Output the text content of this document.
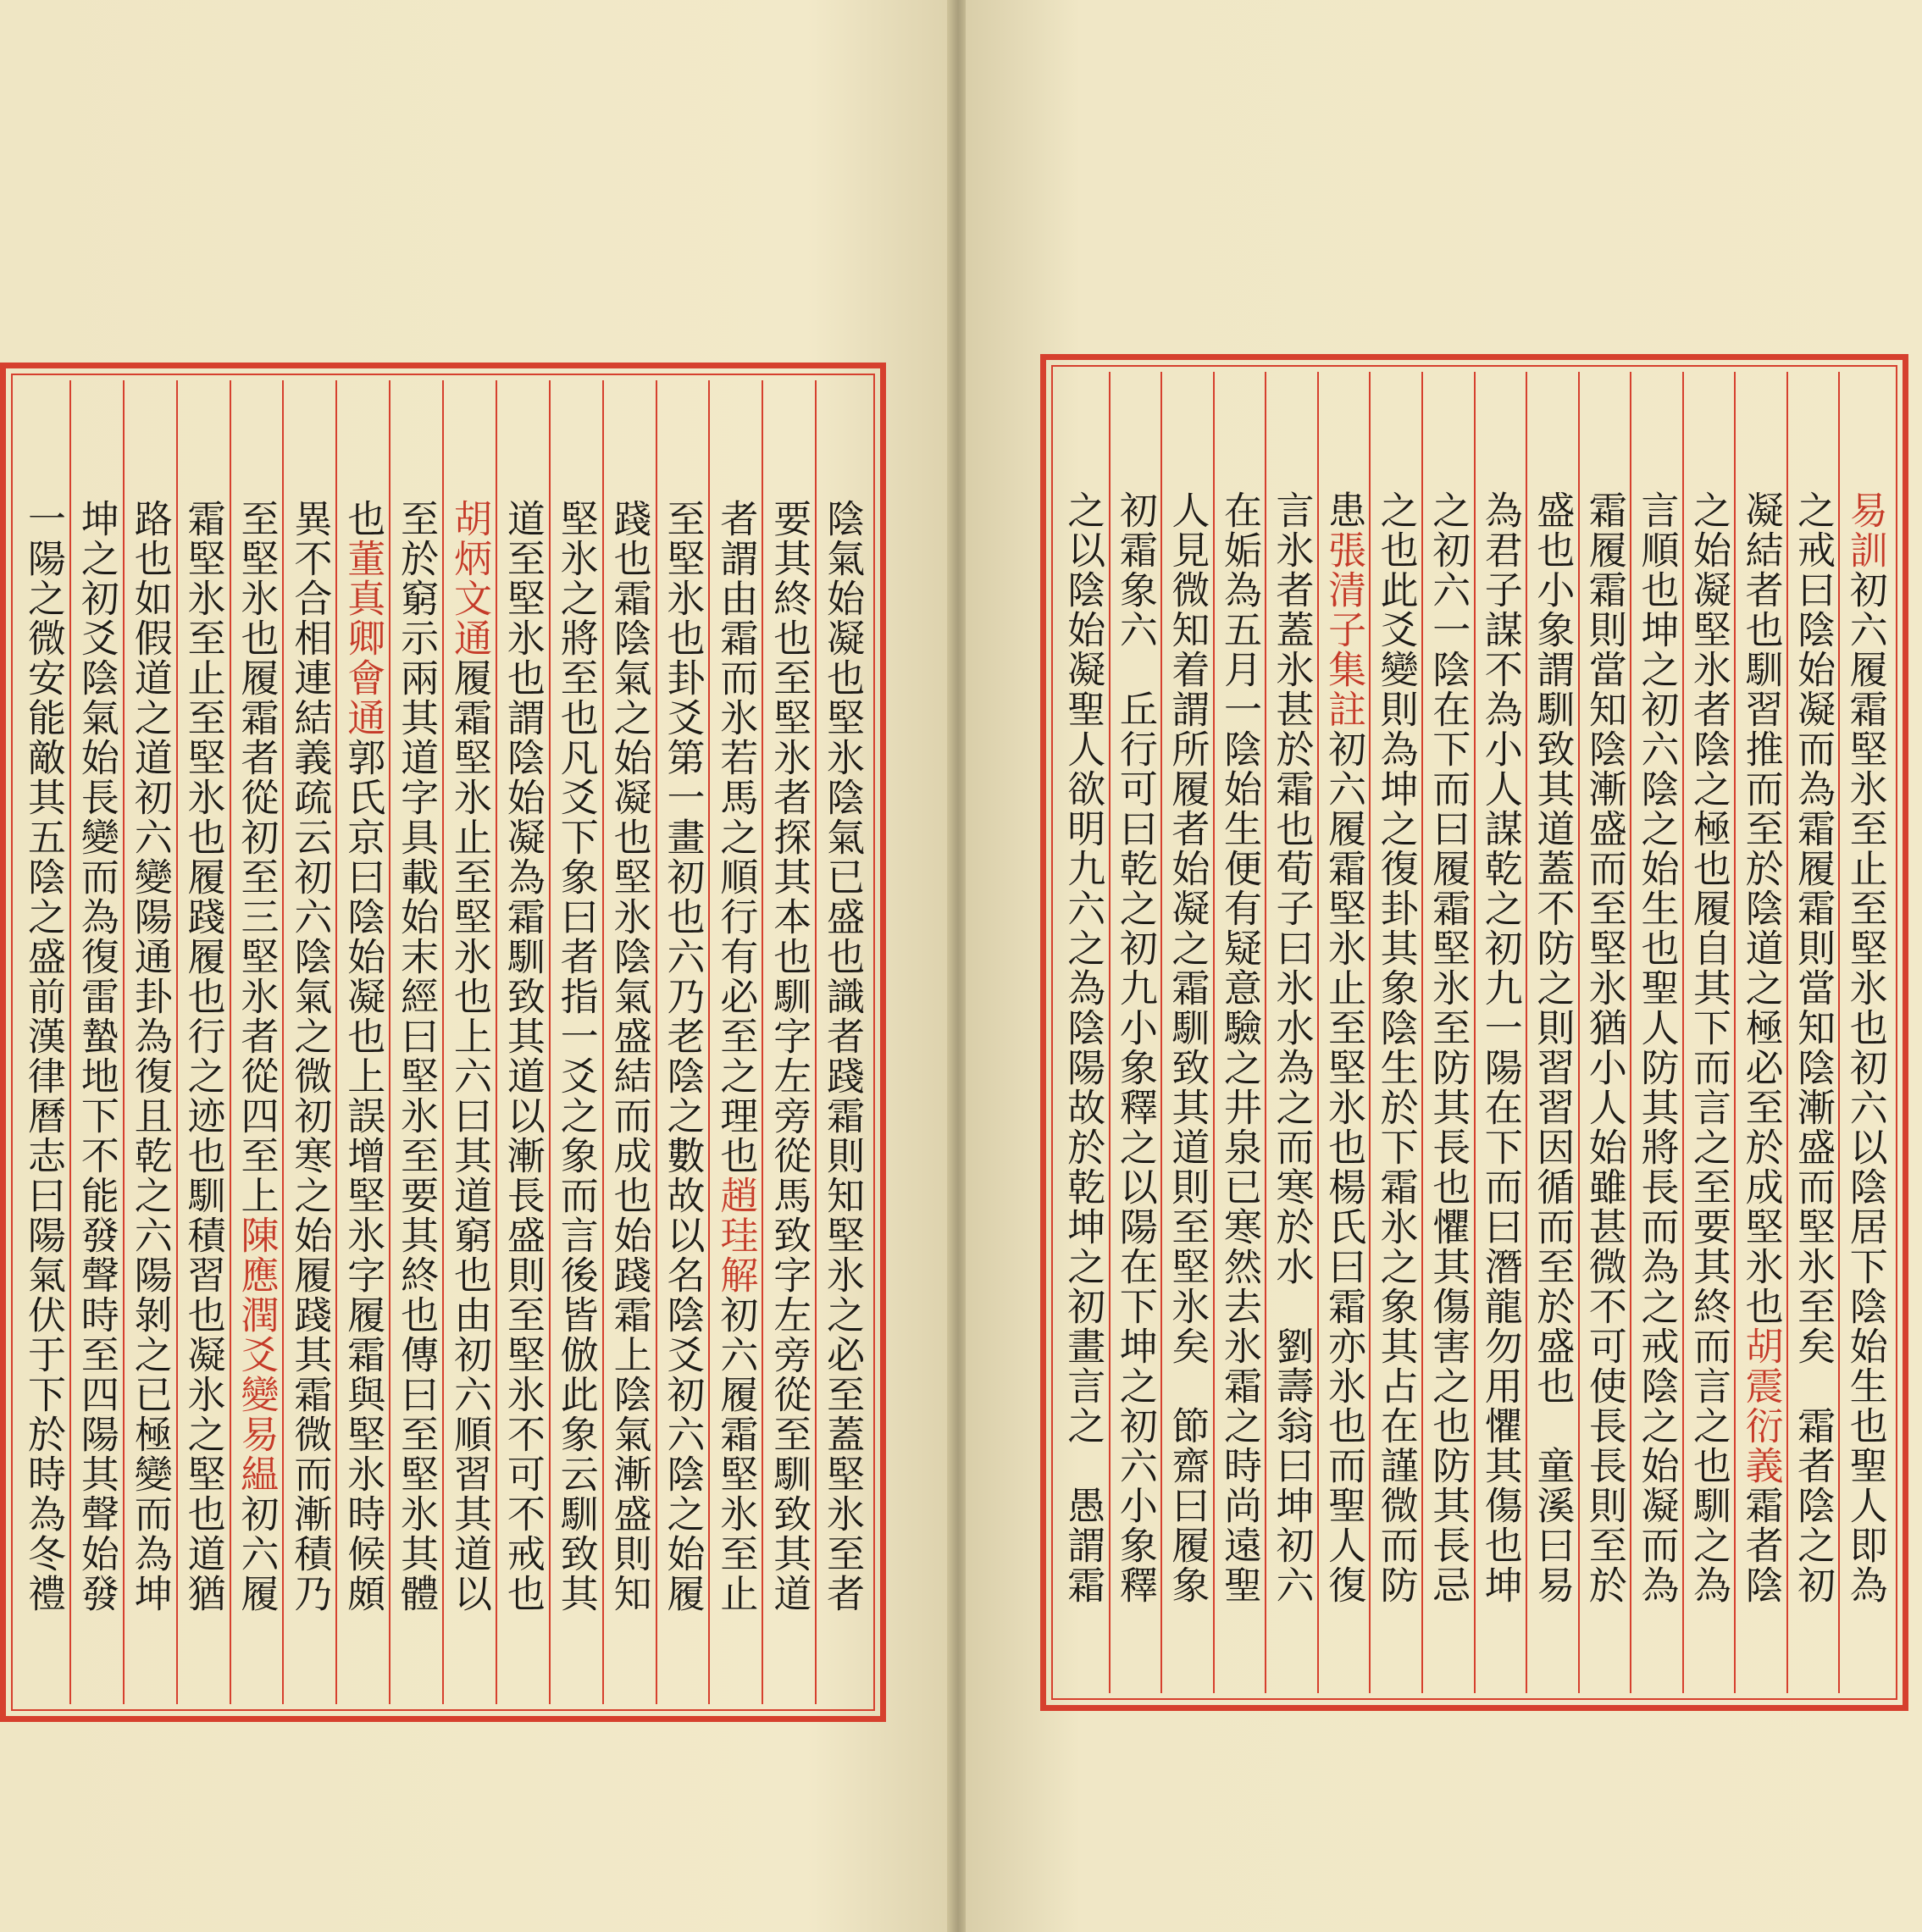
陰氣始凝也堅氷陰氣已盛也識者踐霜則知堅氷之必至蓋堅氷至者
要其終也至堅氷者探其本也馴字左旁從馬致字左旁從至馴致其道
者謂由霜而氷若馬之順行有必至之理也趙珪解初六履霜堅氷至止
至堅氷也卦爻第一畫初也六乃老陰之數故以名陰爻初六陰之始履
踐也霜陰氣之始凝也堅氷陰氣盛結而成也始踐霜上陰氣漸盛則知
堅氷之將至也凡爻下象曰者指一爻之象而言後皆倣此象云馴致其
道至堅氷也謂陰始凝為霜馴致其道以漸長盛則至堅氷不可不戒也
胡炳文通履霜堅氷止至堅氷也上六曰其道窮也由初六順習其道以
至於窮示兩其道字具載始末經曰堅氷至要其終也傳曰至堅氷其體
也董真卿會通郭氏京曰陰始凝也上誤增堅氷字履霜與堅氷時候頗
異不合相連結義疏云初六陰氣之微初寒之始履踐其霜微而漸積乃
至堅氷也履霜者從初至三堅氷者從四至上陳應潤爻變易緼初六履
霜堅氷至止至堅氷也履踐履也行之迹也馴積習也凝氷之堅也道猶
路也如假道之道初六變陽通卦為復且乾之六陽剝之已極變而為坤
坤之初爻陰氣始長變而為復雷蟄地下不能發聲時至四陽其聲始發
一陽之微安能敵其五陰之盛前漢律曆志曰陽氣伏于下於時為冬禮	易訓初六履霜堅氷至止至堅氷也初六以陰居下陰始生也聖人即為
之戒曰陰始凝而為霜履霜則當知陰漸盛而堅氷至矣　霜者陰之初
凝結者也馴習推而至於陰道之極必至於成堅氷也胡震衍義霜者陰
之始凝堅氷者陰之極也履自其下而言之至要其終而言之也馴之為
言順也坤之初六陰之始生也聖人防其將長而為之戒陰之始凝而為
霜履霜則當知陰漸盛而至堅氷猶小人始雖甚微不可使長長則至於
盛也小象謂馴致其道蓋不防之則習習因循而至於盛也　童溪曰易
為君子謀不為小人謀乾之初九一陽在下而曰潛龍勿用懼其傷也坤
之初六一陰在下而曰履霜堅氷至防其長也懼其傷害之也防其長忌
之也此爻變則為坤之復卦其象陰生於下霜氷之象其占在謹微而防
患張清子集註初六履霜堅氷止至堅氷也楊氏曰霜亦氷也而聖人復
言氷者蓋氷甚於霜也荀子曰氷水為之而寒於水　劉壽翁曰坤初六
在姤為五月一陰始生便有疑意驗之井泉已寒然去氷霜之時尚遠聖
人見微知着謂所履者始凝之霜馴致其道則至堅氷矣　節齋曰履象
初霜象六　丘行可曰乾之初九小象釋之以陽在下坤之初六小象釋
之以陰始凝聖人欲明九六之為陰陽故於乾坤之初畫言之　愚謂霜
